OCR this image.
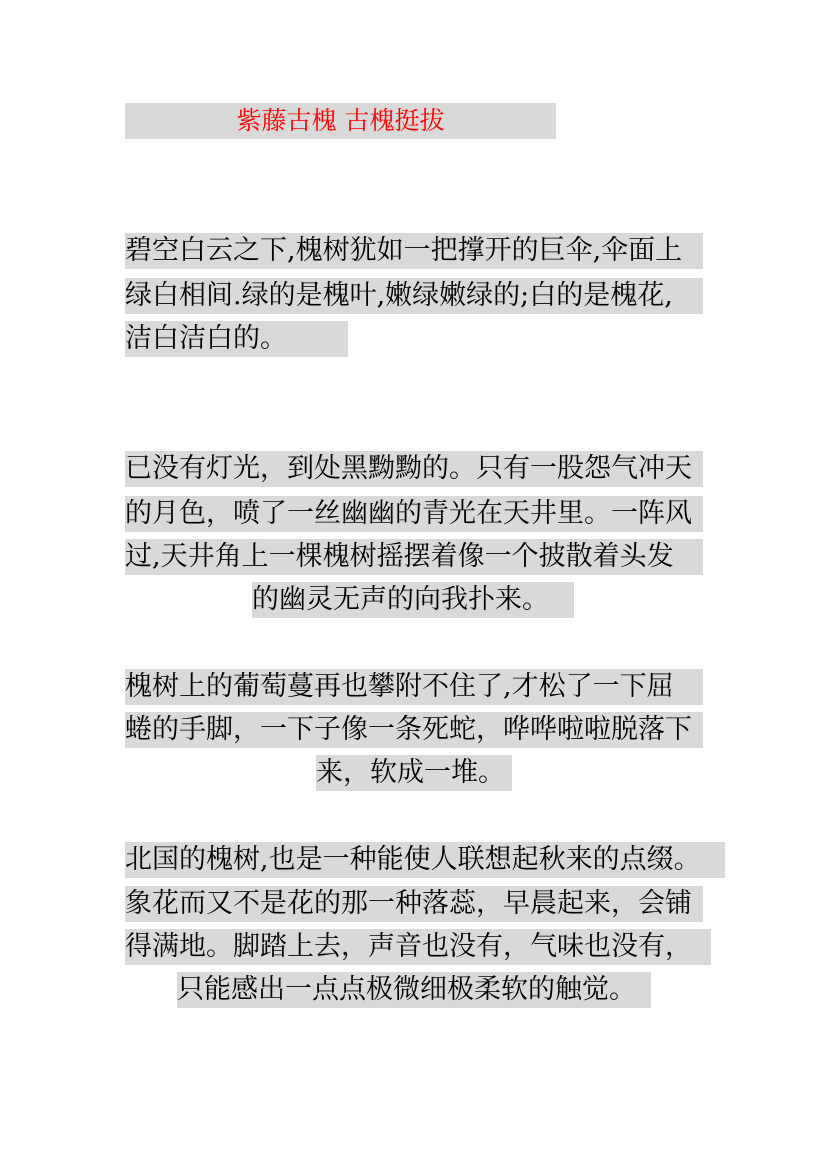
紫藤古槐 古槐挺拔
碧空白云之下,槐树犹如一把撑开的巨伞,伞面上
绿白相间.绿的是槐叶,嫩绿嫩绿的;白的是槐花,
洁白洁白的。
已没有灯光，到处黑黝黝的。只有一股怨气冲天
的月色，喷了一丝幽幽的青光在天井里。一阵风
过,天井角上一棵槐树摇摆着像一个披散着头发
的幽灵无声的向我扑来。
槐树上的葡萄蔓再也攀附不住了,才松了一下屈
蜷的手脚，一下子像一条死蛇，哗哗啦啦脱落下
来，软成一堆。
北国的槐树,也是一种能使人联想起秋来的点缀。
象花而又不是花的那一种落蕊，早晨起来，会铺
得满地。脚踏上去，声音也没有，气味也没有，
只能感出一点点极微细极柔软的触觉。
